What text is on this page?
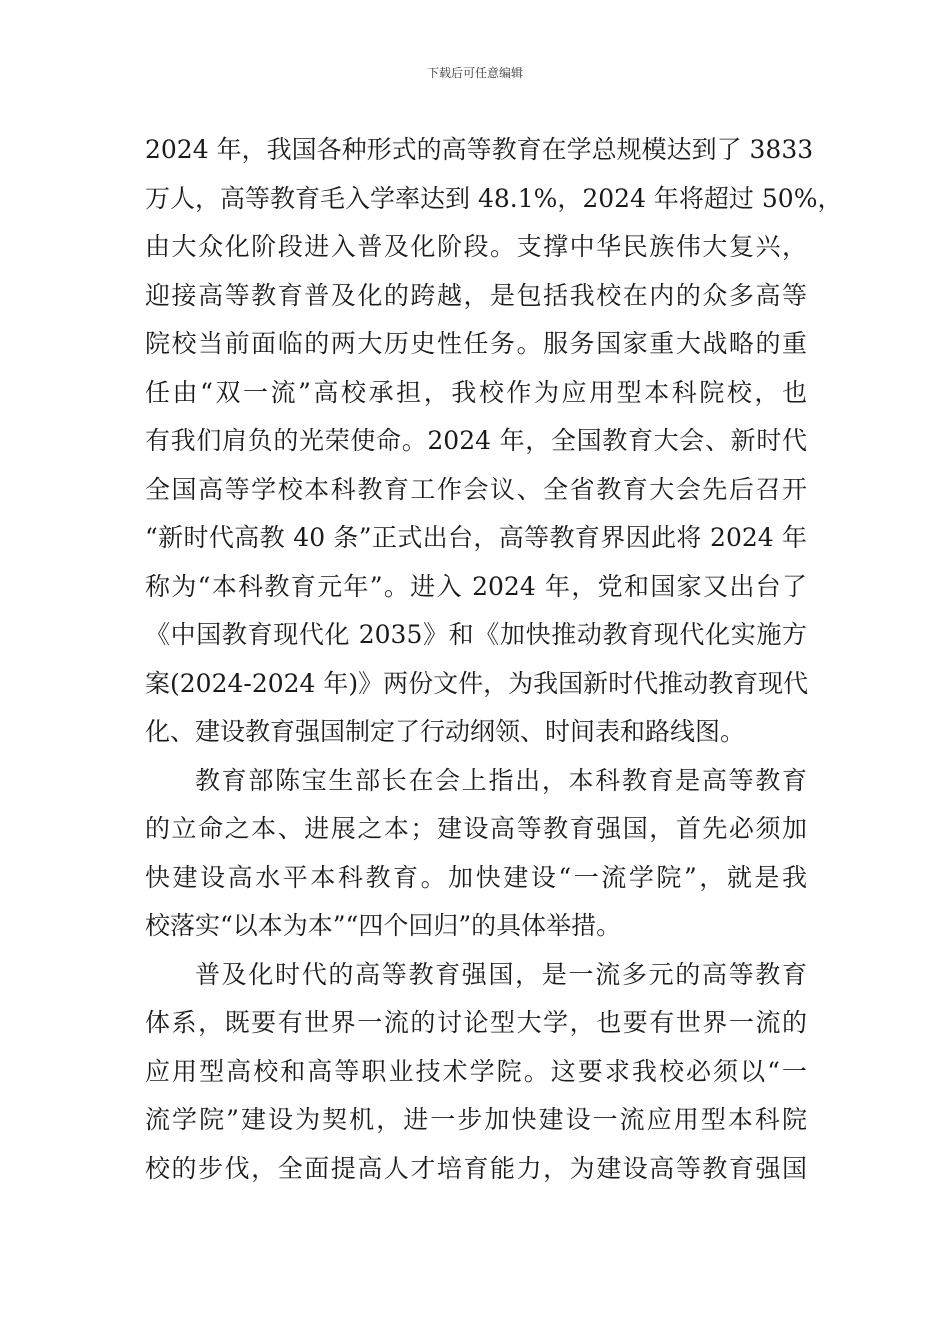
下载后可任意编辑
2024 年，我国各种形式的高等教育在学总规模达到了 3833
万人，高等教育毛入学率达到 48.1%，2024 年将超过 50%，
由大众化阶段进入普及化阶段。支撑中华民族伟大复兴，
迎接高等教育普及化的跨越，是包括我校在内的众多高等
院校当前面临的两大历史性任务。服务国家重大战略的重
任由“双一流”高校承担，我校作为应用型本科院校，也
有我们肩负的光荣使命。2024 年，全国教育大会、新时代
全国高等学校本科教育工作会议、全省教育大会先后召开
“新时代高教 40 条”正式出台，高等教育界因此将 2024 年
称为“本科教育元年”。进入 2024 年，党和国家又出台了
《中国教育现代化 2035》和《加快推动教育现代化实施方
案(2024-2024 年)》两份文件，为我国新时代推动教育现代
化、建设教育强国制定了行动纲领、时间表和路线图。
教育部陈宝生部长在会上指出，本科教育是高等教育
的立命之本、进展之本；建设高等教育强国，首先必须加
快建设高水平本科教育。加快建设“一流学院”，就是我
校落实“以本为本”“四个回归”的具体举措。
普及化时代的高等教育强国，是一流多元的高等教育
体系，既要有世界一流的讨论型大学，也要有世界一流的
应用型高校和高等职业技术学院。这要求我校必须以“一
流学院”建设为契机，进一步加快建设一流应用型本科院
校的步伐，全面提高人才培育能力，为建设高等教育强国
